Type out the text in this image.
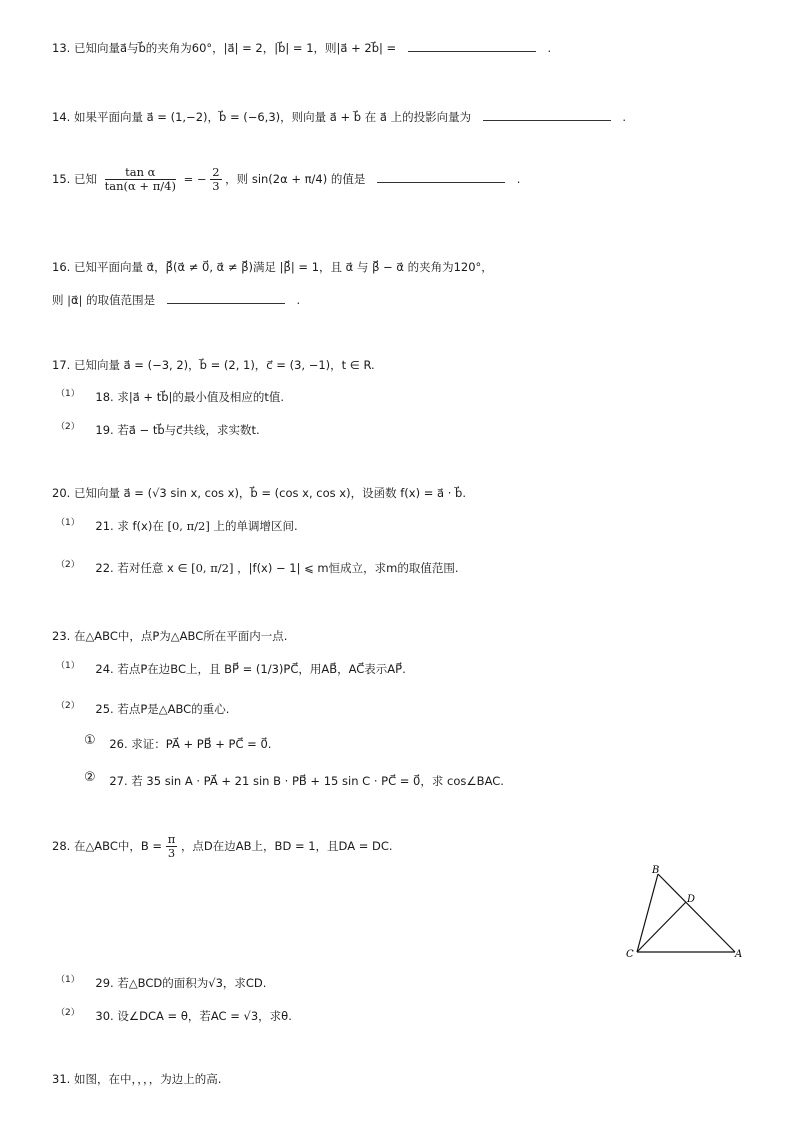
13. 已知向量a⃗与b⃗的夹角为60°，|a⃗| = 2，|b⃗| = 1，则|a⃗ + 2b⃗| =	.
14. 如果平面向量 a⃗ = (1,−2)，b⃗ = (−6,3)，则向量 a⃗ + b⃗ 在 a⃗ 上的投影向量为	.
15. 已知 $\frac{\text{tan α}}{\tan(\alpha + \pi/4)}$ = − $\frac{2}{3}$ ，则 sin(2α + π/4) 的值是	.
16. 已知平面向量 α⃗，β⃗(α⃗ ≠ 0⃗, α⃗ ≠ β⃗)满足 |β⃗| = 1，且 α⃗ 与 β⃗ − α⃗ 的夹角为120°，
则 |α⃗| 的取值范围是	.
17. 已知向量 a⃗ = (−3, 2)，b⃗ = (2, 1)，c⃗ = (3, −1)，t ∈ R.
$^{(1)}$ 18. 求|a⃗ + tb⃗|的最小值及相应的t值.
$^{(2)}$ 19. 若a⃗ − tb⃗与c⃗共线，求实数t.
20. 已知向量 a⃗ = (√3 sin x, cos x)，b⃗ = (cos x, cos x)，设函数 f(x) = a⃗ · b⃗.
$^{(1)}$ 21. 求 f(x)在 [0, π/2] 上的单调增区间.
$^{(2)}$ 22. 若对任意 x ∈ [0, π/2] ，|f(x) − 1| ⩽ m恒成立，求m的取值范围.
23. 在△ABC中，点P为△ABC所在平面内一点.
$^{(1)}$ 24. 若点P在边BC上，且 BP⃗ = (1/3)PC⃗，用AB⃗，AC⃗表示AP⃗.
$^{(2)}$ 25. 若点P是△ABC的重心.
① 26. 求证：PA⃗ + PB⃗ + PC⃗ = 0⃗.
② 27. 若 35 sin A · PA⃗ + 21 sin B · PB⃗ + 15 sin C · PC⃗ = 0⃗，求 cos∠BAC.
28. 在△ABC中，$B = \frac{\pi}{3}$ ，点D在边AB上，BD = 1，且DA = DC.
B
D
C	A
$^{(1)}$ 29. 若△BCD的面积为√3，求CD.
$^{(2)}$ 30. 设∠DCA = θ，若AC = √3，求θ.
31. 如图，在中，，，，为边上的高.
